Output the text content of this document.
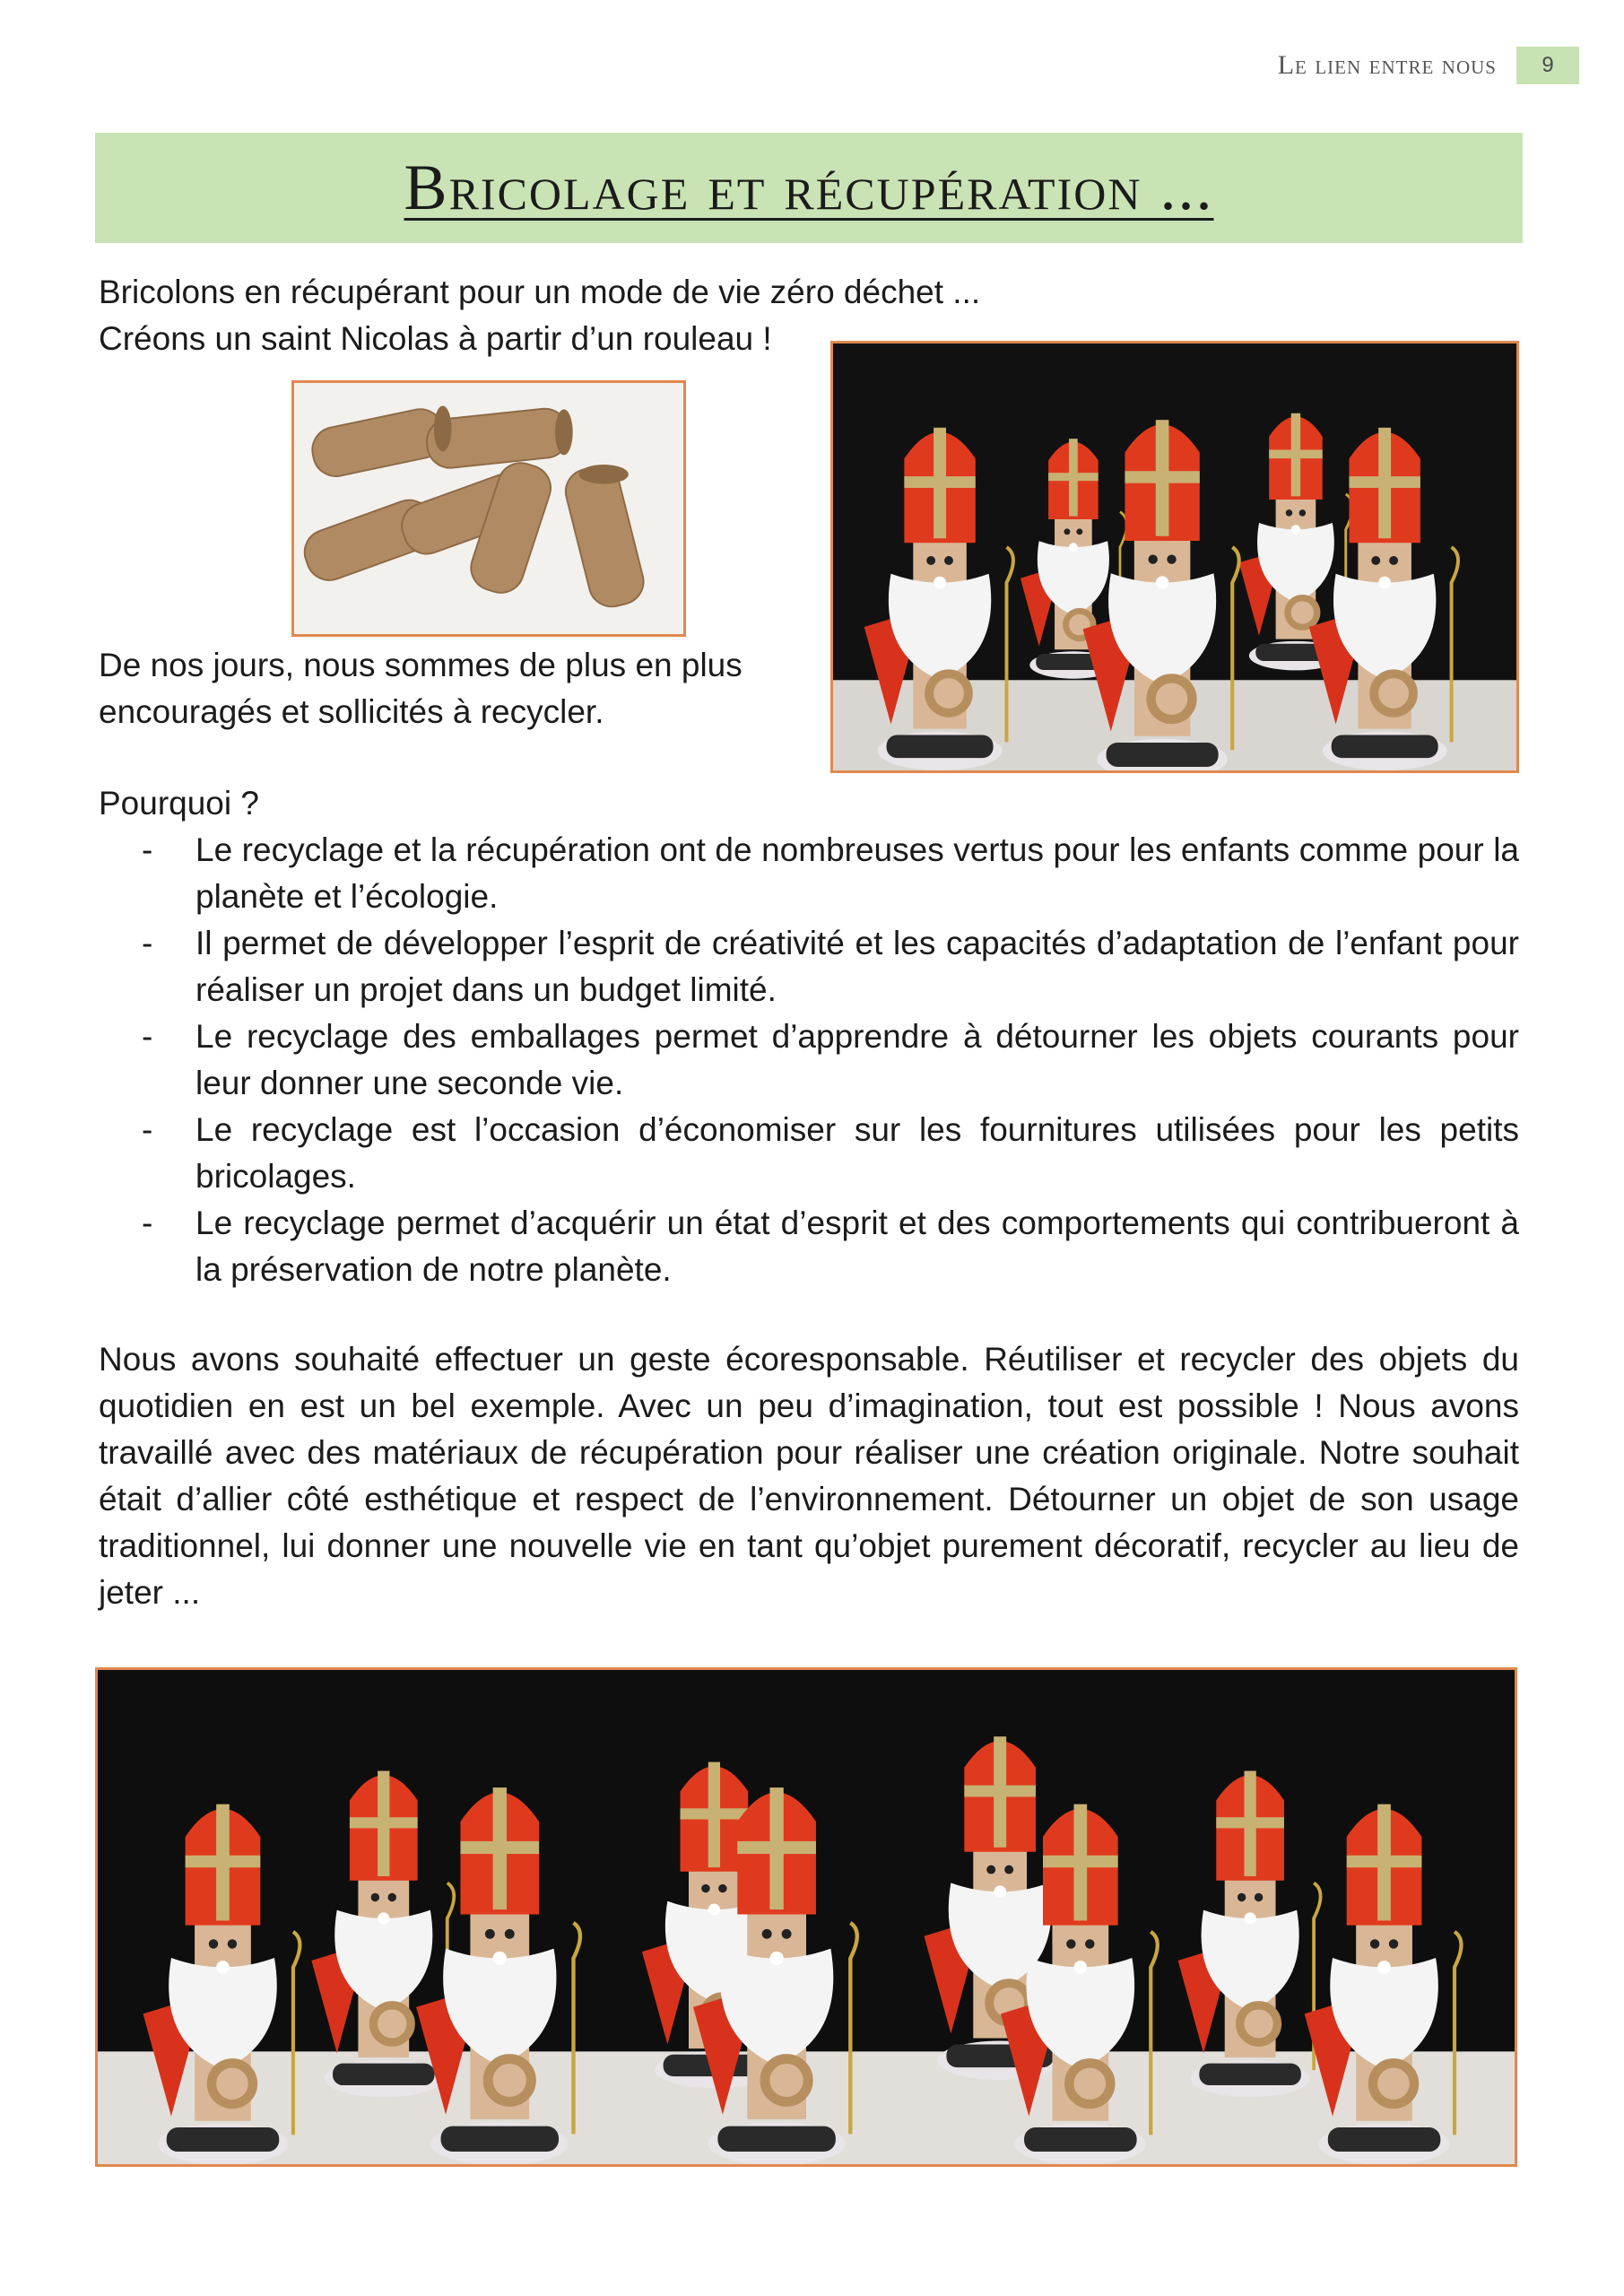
Le lien entre nous	9
Bricolage et récupération ...
Bricolons en récupérant pour un mode de vie zéro déchet ...
Créons un saint Nicolas à partir d’un rouleau !
De nos jours, nous sommes de plus en plus
encouragés et sollicités à recycler.
Pourquoi ?
- Le recyclage et la récupération ont de nombreuses vertus pour les enfants comme pour la planète et l’écologie.
- Il permet de développer l’esprit de créativité et les capacités d’adaptation de l’enfant pour réaliser un projet dans un budget limité.
- Le recyclage des emballages permet d’apprendre à détourner les objets courants pour leur donner une seconde vie.
- Le recyclage est l’occasion d’économiser sur les fournitures utilisées pour les petits bricolages.
- Le recyclage permet d’acquérir un état d’esprit et des comportements qui contribueront à la préservation de notre planète.

Nous avons souhaité effectuer un geste écoresponsable. Réutiliser et recycler des objets du quotidien en est un bel exemple. Avec un peu d’imagination, tout est possible ! Nous avons travaillé avec des matériaux de récupération pour réaliser une création originale. Notre souhait était d’allier côté esthétique et respect de l’environnement. Détourner un objet de son usage traditionnel, lui donner une nouvelle vie en tant qu’objet purement décoratif, recycler au lieu de jeter ...
